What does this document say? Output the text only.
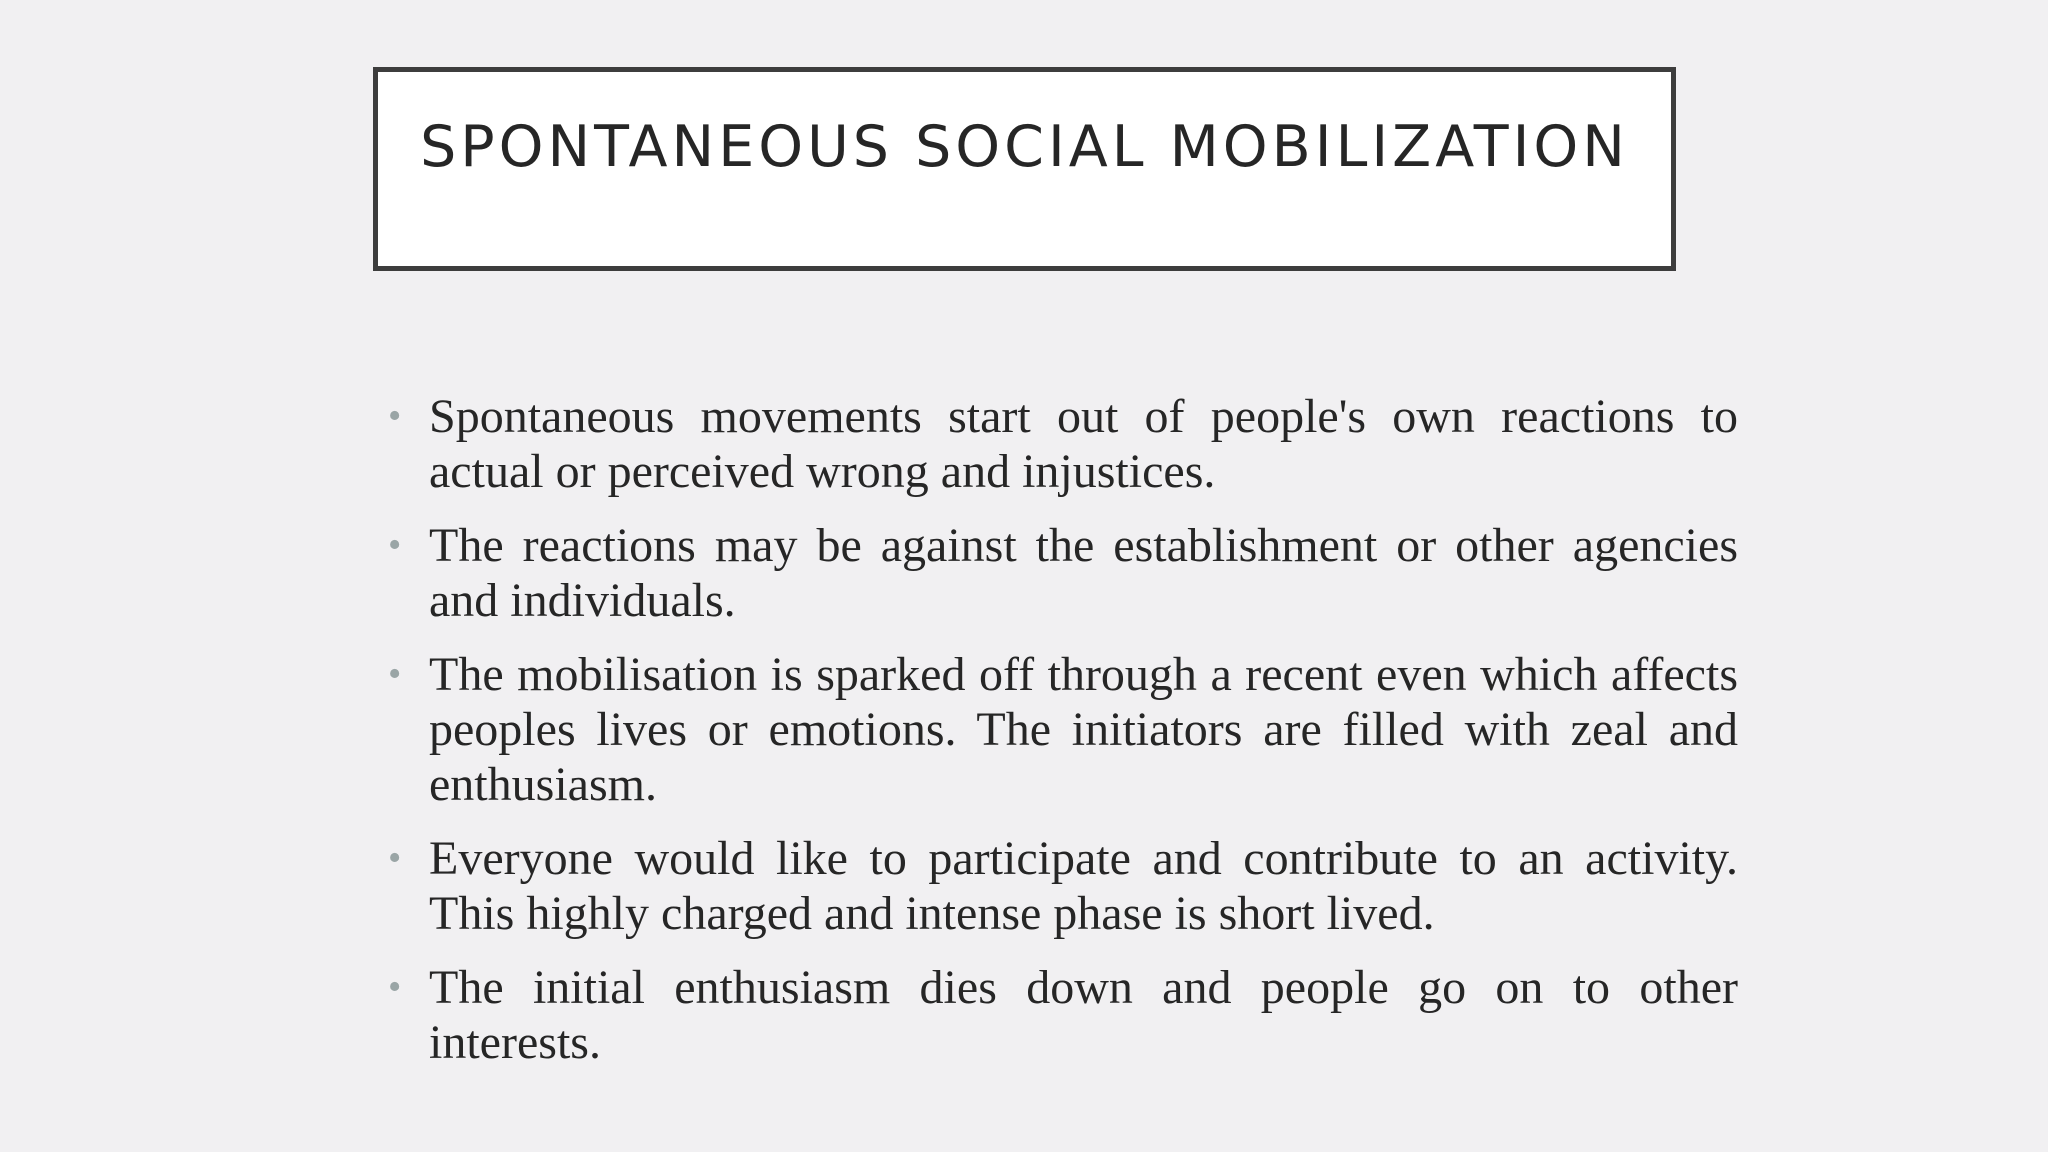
SPONTANEOUS SOCIAL MOBILIZATION
• Spontaneous movements start out of people's own reactions to actual or perceived wrong and injustices.
• The reactions may be against the establishment or other agencies and individuals.
• The mobilisation is sparked off through a recent even which affects peoples lives or emotions. The initiators are filled with zeal and enthusiasm.
• Everyone would like to participate and contribute to an activity. This highly charged and intense phase is short lived.
• The initial enthusiasm dies down and people go on to other interests.
